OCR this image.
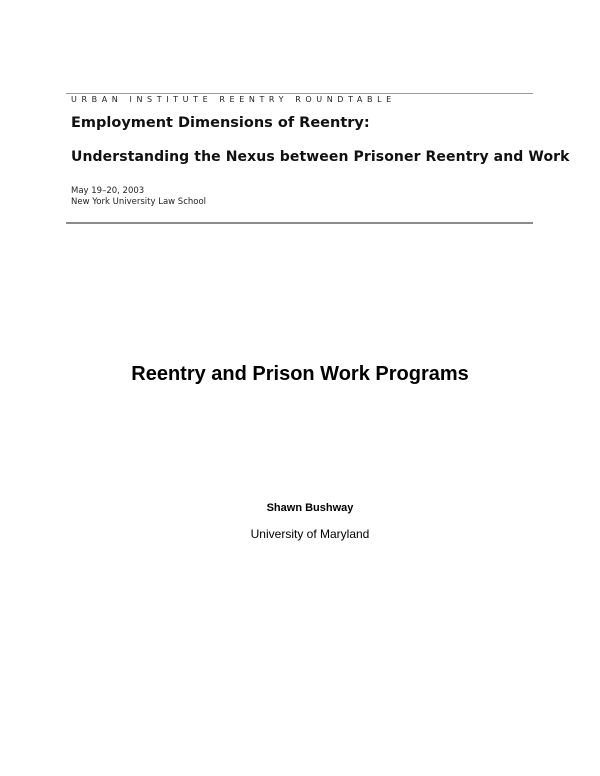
URBAN INSTITUTE REENTRY ROUNDTABLE
Employment Dimensions of Reentry:
Understanding the Nexus between Prisoner Reentry and Work
May 19–20, 2003
New York University Law School
Reentry and Prison Work Programs
Shawn Bushway
University of Maryland
